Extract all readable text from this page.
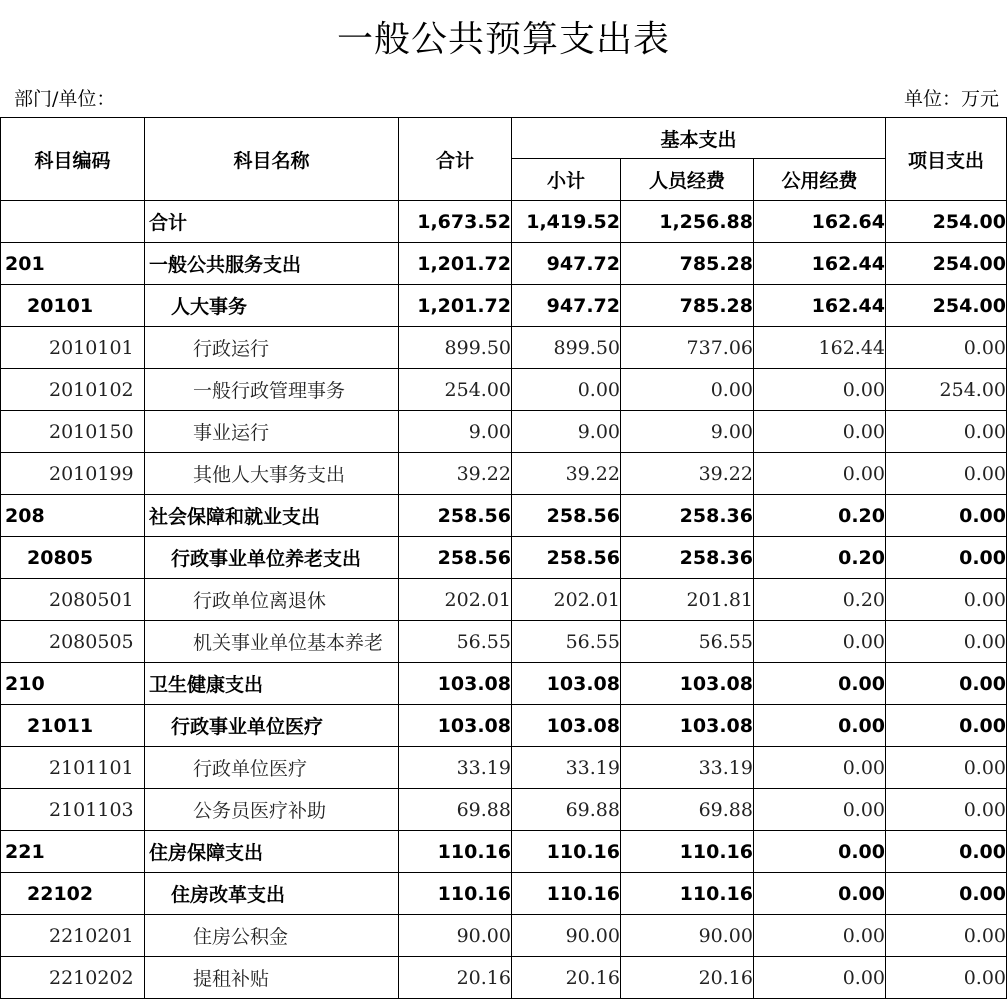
一般公共预算支出表
部门/单位：	单位：万元
科目编码	科目名称	合计	基本支出			项目支出
			小计	人员经费	公用经费	
	合计	1,673.52	1,419.52	1,256.88	162.64	254.00
201	一般公共服务支出	1,201.72	947.72	785.28	162.44	254.00
20101	人大事务	1,201.72	947.72	785.28	162.44	254.00
2010101	行政运行	899.50	899.50	737.06	162.44	0.00
2010102	一般行政管理事务	254.00	0.00	0.00	0.00	254.00
2010150	事业运行	9.00	9.00	9.00	0.00	0.00
2010199	其他人大事务支出	39.22	39.22	39.22	0.00	0.00
208	社会保障和就业支出	258.56	258.56	258.36	0.20	0.00
20805	行政事业单位养老支出	258.56	258.56	258.36	0.20	0.00
2080501	行政单位离退休	202.01	202.01	201.81	0.20	0.00
2080505	机关事业单位基本养老	56.55	56.55	56.55	0.00	0.00
210	卫生健康支出	103.08	103.08	103.08	0.00	0.00
21011	行政事业单位医疗	103.08	103.08	103.08	0.00	0.00
2101101	行政单位医疗	33.19	33.19	33.19	0.00	0.00
2101103	公务员医疗补助	69.88	69.88	69.88	0.00	0.00
221	住房保障支出	110.16	110.16	110.16	0.00	0.00
22102	住房改革支出	110.16	110.16	110.16	0.00	0.00
2210201	住房公积金	90.00	90.00	90.00	0.00	0.00
2210202	提租补贴	20.16	20.16	20.16	0.00	0.00
